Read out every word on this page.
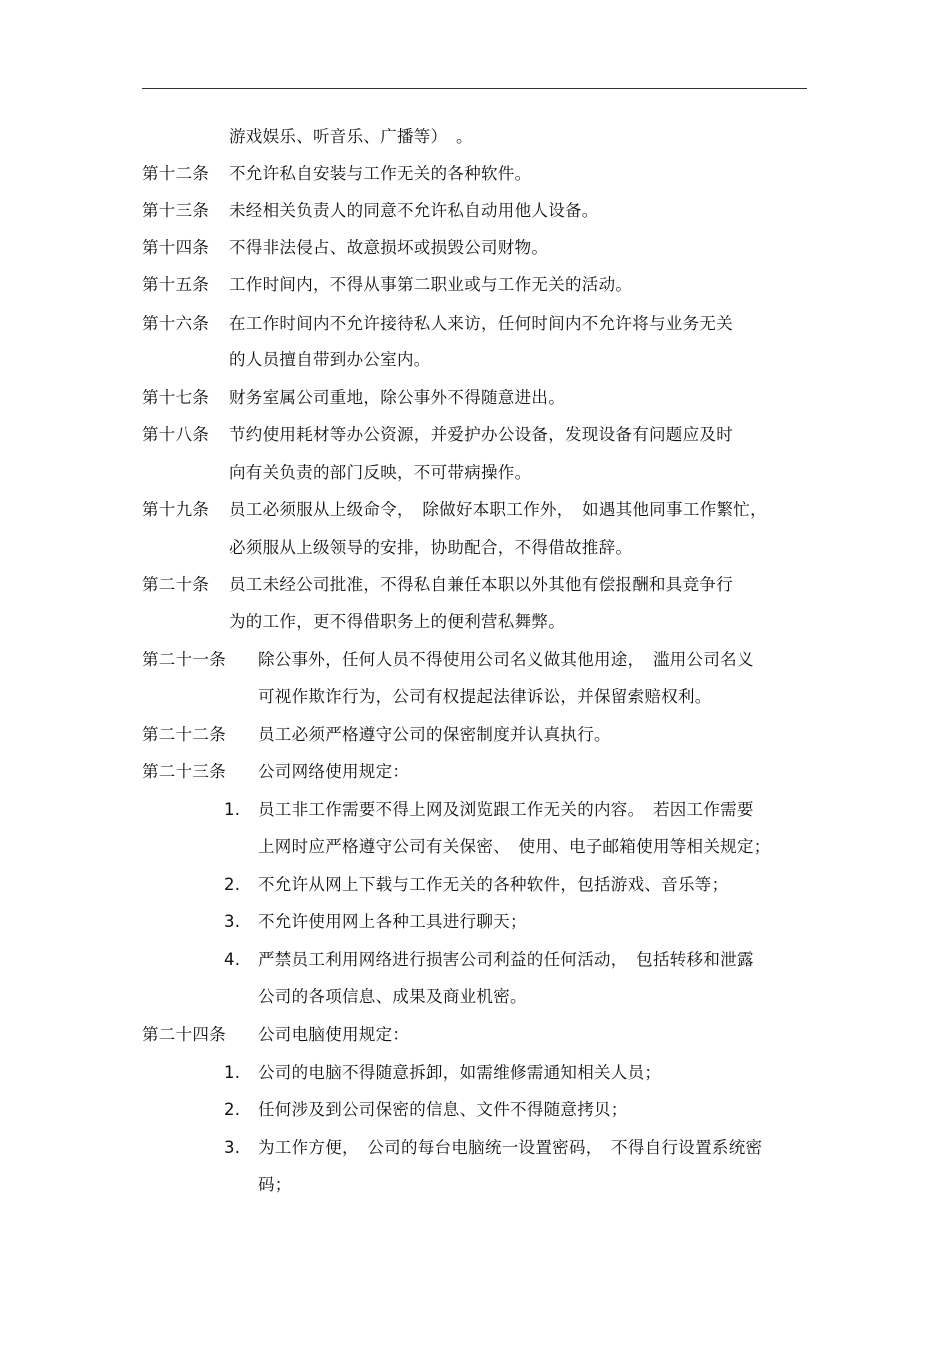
游戏娱乐、听音乐、广播等）　。
第十二条 不允许私自安装与工作无关的各种软件。
第十三条 未经相关负责人的同意不允许私自动用他人设备。
第十四条 不得非法侵占、故意损坏或损毁公司财物。
第十五条 工作时间内，不得从事第二职业或与工作无关的活动。
第十六条 在工作时间内不允许接待私人来访，任何时间内不允许将与业务无关
的人员擅自带到办公室内。
第十七条 财务室属公司重地，除公事外不得随意进出。
第十八条 节约使用耗材等办公资源，并爱护办公设备，发现设备有问题应及时
向有关负责的部门反映，不可带病操作。
第十九条 员工必须服从上级命令，　除做好本职工作外，　如遇其他同事工作繁忙，
必须服从上级领导的安排，协助配合，不得借故推辞。
第二十条 员工未经公司批准，不得私自兼任本职以外其他有偿报酬和具竞争行
为的工作，更不得借职务上的便利营私舞弊。
第二十一条 除公事外，任何人员不得使用公司名义做其他用途，　滥用公司名义
可视作欺诈行为，公司有权提起法律诉讼，并保留索赔权利。
第二十二条 员工必须严格遵守公司的保密制度并认真执行。
第二十三条 公司网络使用规定：
1. 员工非工作需要不得上网及浏览跟工作无关的内容。　若因工作需要
上网时应严格遵守公司有关保密、　使用、电子邮箱使用等相关规定；
2. 不允许从网上下载与工作无关的各种软件，包括游戏、音乐等；
3. 不允许使用网上各种工具进行聊天；
4. 严禁员工利用网络进行损害公司利益的任何活动，　包括转移和泄露
公司的各项信息、成果及商业机密。
第二十四条 公司电脑使用规定：
1. 公司的电脑不得随意拆卸，如需维修需通知相关人员；
2. 任何涉及到公司保密的信息、文件不得随意拷贝；
3. 为工作方便，　公司的每台电脑统一设置密码，　不得自行设置系统密
码；
